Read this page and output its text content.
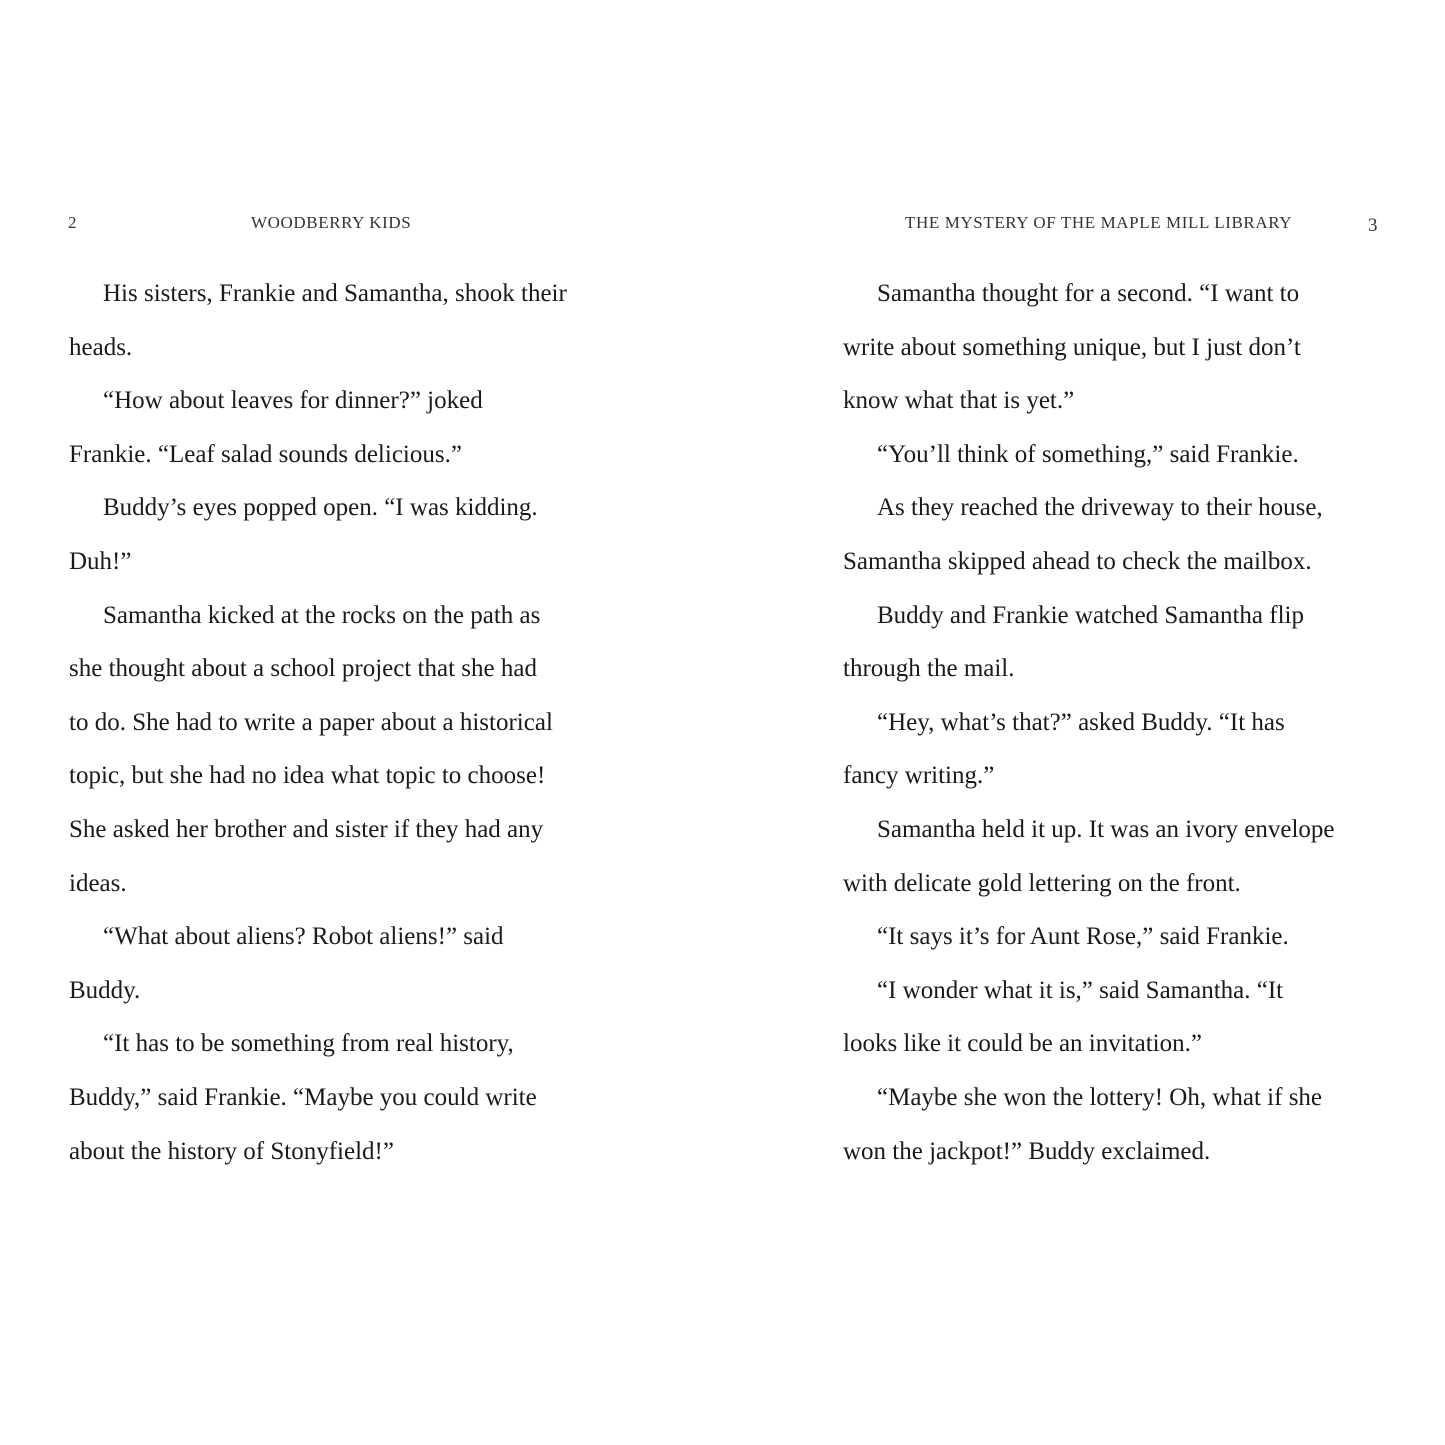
2	WOODBERRY KIDS
His sisters, Frankie and Samantha, shook their
heads.
“How about leaves for dinner?” joked
Frankie. “Leaf salad sounds delicious.”
Buddy’s eyes popped open. “I was kidding.
Duh!”
Samantha kicked at the rocks on the path as
she thought about a school project that she had
to do. She had to write a paper about a historical
topic, but she had no idea what topic to choose!
She asked her brother and sister if they had any
ideas.
“What about aliens? Robot aliens!” said
Buddy.
“It has to be something from real history,
Buddy,” said Frankie. “Maybe you could write
about the history of Stonyfield!”
THE MYSTERY OF THE MAPLE MILL LIBRARY	3
Samantha thought for a second. “I want to
write about something unique, but I just don’t
know what that is yet.”
“You’ll think of something,” said Frankie.
As they reached the driveway to their house,
Samantha skipped ahead to check the mailbox.
Buddy and Frankie watched Samantha flip
through the mail.
“Hey, what’s that?” asked Buddy. “It has
fancy writing.”
Samantha held it up. It was an ivory envelope
with delicate gold lettering on the front.
“It says it’s for Aunt Rose,” said Frankie.
“I wonder what it is,” said Samantha. “It
looks like it could be an invitation.”
“Maybe she won the lottery! Oh, what if she
won the jackpot!” Buddy exclaimed.
